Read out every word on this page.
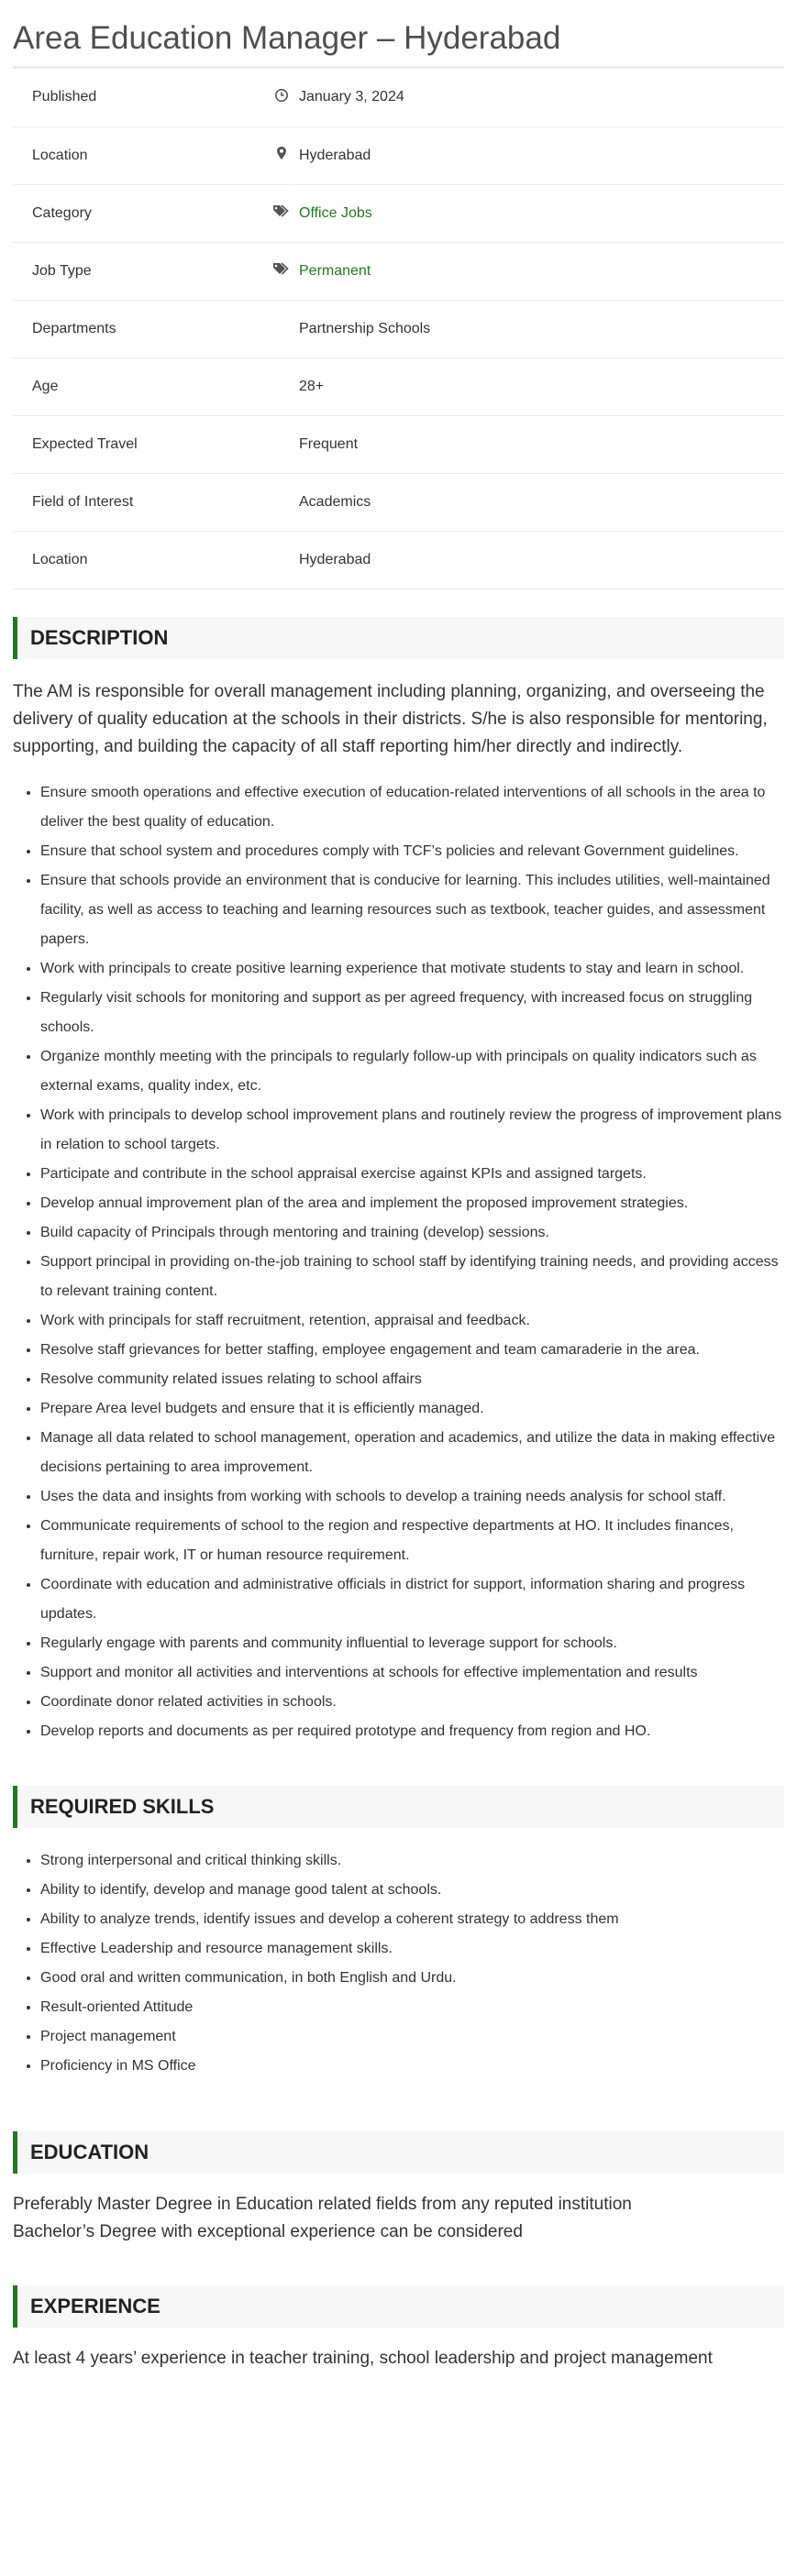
Area Education Manager – Hyderabad
Published		January 3, 2024
Location		Hyderabad
Category		Office Jobs
Job Type		Permanent
Departments		Partnership Schools
Age		28+
Expected Travel		Frequent
Field of Interest		Academics
Location		Hyderabad
DESCRIPTION

The AM is responsible for overall management including planning, organizing, and overseeing the delivery of quality education at the schools in their districts. S/he is also responsible for mentoring, supporting, and building the capacity of all staff reporting him/her directly and indirectly.

• Ensure smooth operations and effective execution of education-related interventions of all schools in the area to deliver the best quality of education.
• Ensure that school system and procedures comply with TCF’s policies and relevant Government guidelines.
• Ensure that schools provide an environment that is conducive for learning. This includes utilities, well-maintained facility, as well as access to teaching and learning resources such as textbook, teacher guides, and assessment papers.
• Work with principals to create positive learning experience that motivate students to stay and learn in school.
• Regularly visit schools for monitoring and support as per agreed frequency, with increased focus on struggling schools.
• Organize monthly meeting with the principals to regularly follow-up with principals on quality indicators such as external exams, quality index, etc.
• Work with principals to develop school improvement plans and routinely review the progress of improvement plans in relation to school targets.
• Participate and contribute in the school appraisal exercise against KPIs and assigned targets.
• Develop annual improvement plan of the area and implement the proposed improvement strategies.
• Build capacity of Principals through mentoring and training (develop) sessions.
• Support principal in providing on-the-job training to school staff by identifying training needs, and providing access to relevant training content.
• Work with principals for staff recruitment, retention, appraisal and feedback.
• Resolve staff grievances for better staffing, employee engagement and team camaraderie in the area.
• Resolve community related issues relating to school affairs
• Prepare Area level budgets and ensure that it is efficiently managed.
• Manage all data related to school management, operation and academics, and utilize the data in making effective decisions pertaining to area improvement.
• Uses the data and insights from working with schools to develop a training needs analysis for school staff.
• Communicate requirements of school to the region and respective departments at HO. It includes finances, furniture, repair work, IT or human resource requirement.
• Coordinate with education and administrative officials in district for support, information sharing and progress updates.
• Regularly engage with parents and community influential to leverage support for schools.
• Support and monitor all activities and interventions at schools for effective implementation and results
• Coordinate donor related activities in schools.
• Develop reports and documents as per required prototype and frequency from region and HO.
REQUIRED SKILLS
• Strong interpersonal and critical thinking skills.
• Ability to identify, develop and manage good talent at schools.
• Ability to analyze trends, identify issues and develop a coherent strategy to address them
• Effective Leadership and resource management skills.
• Good oral and written communication, in both English and Urdu.
• Result-oriented Attitude
• Project management
• Proficiency in MS Office
EDUCATION
Preferably Master Degree in Education related fields from any reputed institution
Bachelor’s Degree with exceptional experience can be considered
EXPERIENCE
At least 4 years’ experience in teacher training, school leadership and project management
